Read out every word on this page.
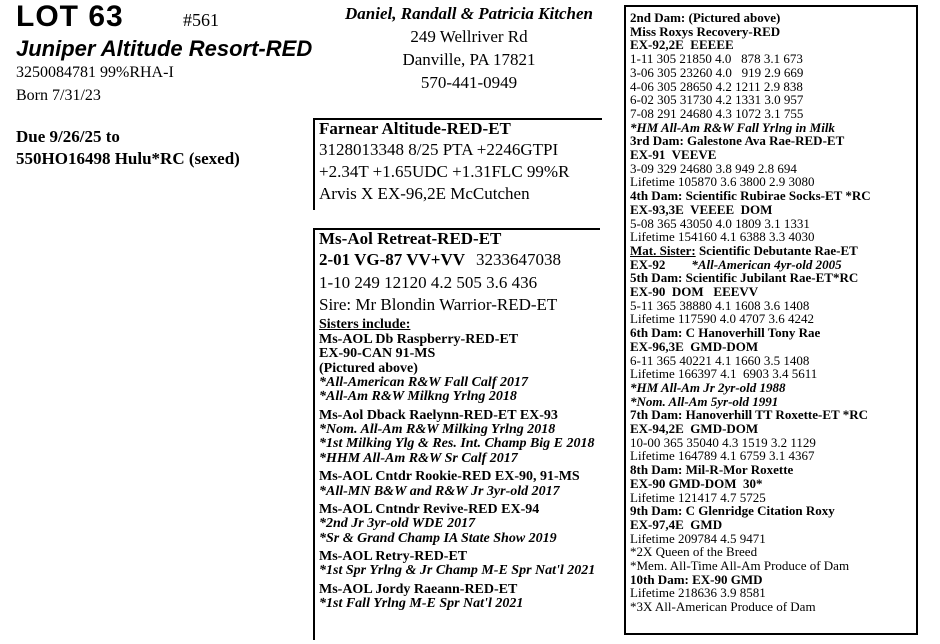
LOT 63	#561
Juniper Altitude Resort-RED
3250084781 99%RHA-I
Born 7/31/23
Due 9/26/25 to
550HO16498 Hulu*RC (sexed)
Daniel, Randall & Patricia Kitchen
249 Wellriver Rd
Danville, PA 17821
570-441-0949
Farnear Altitude-RED-ET
3128013348 8/25 PTA +2246GTPI
+2.34T +1.65UDC +1.31FLC 99%R
Arvis X EX-96,2E McCutchen
Ms-Aol Retreat-RED-ET
2-01 VG-87 VV+VV 3233647038
1-10 249 12120 4.2 505 3.6 436
Sire: Mr Blondin Warrior-RED-ET
Sisters include:
Ms-AOL Db Raspberry-RED-ET
EX-90-CAN 91-MS
(Pictured above)
*All-American R&W Fall Calf 2017
*All-Am R&W Milkng Yrlng 2018
Ms-Aol Dback Raelynn-RED-ET EX-93
*Nom. All-Am R&W Milking Yrlng 2018
*1st Milking Ylg & Res. Int. Champ Big E 2018
*HHM All-Am R&W Sr Calf 2017
Ms-AOL Cntdr Rookie-RED EX-90, 91-MS
*All-MN B&W and R&W Jr 3yr-old 2017
Ms-AOL Cntndr Revive-RED EX-94
*2nd Jr 3yr-old WDE 2017
*Sr & Grand Champ IA State Show 2019
Ms-AOL Retry-RED-ET
*1st Spr Yrlng & Jr Champ M-E Spr Nat'l 2021
Ms-AOL Jordy Raeann-RED-ET
*1st Fall Yrlng M-E Spr Nat'l 2021
2nd Dam: (Pictured above)
Miss Roxys Recovery-RED
EX-92,2E  EEEEE
1-11 305 21850 4.0   878 3.1 673
3-06 305 23260 4.0   919 2.9 669
4-06 305 28650 4.2 1211 2.9 838
6-02 305 31730 4.2 1331 3.0 957
7-08 291 24680 4.3 1072 3.1 755
*HM All-Am R&W Fall Yrlng in Milk
3rd Dam: Galestone Ava Rae-RED-ET
EX-91  VEEVE
3-09 329 24680 3.8 949 2.8 694
Lifetime 105870 3.6 3800 2.9 3080
4th Dam: Scientific Rubirae Socks-ET *RC
EX-93,3E  VEEEE  DOM
5-08 365 43050 4.0 1809 3.1 1331
Lifetime 154160 4.1 6388 3.3 4030
Mat. Sister: Scientific Debutante Rae-ET
EX-92        *All-American 4yr-old 2005
5th Dam: Scientific Jubilant Rae-ET*RC
EX-90  DOM   EEEVV
5-11 365 38880 4.1 1608 3.6 1408
Lifetime 117590 4.0 4707 3.6 4242
6th Dam: C Hanoverhill Tony Rae
EX-96,3E  GMD-DOM
6-11 365 40221 4.1 1660 3.5 1408
Lifetime 166397 4.1  6903 3.4 5611
*HM All-Am Jr 2yr-old 1988
*Nom. All-Am 5yr-old 1991
7th Dam: Hanoverhill TT Roxette-ET *RC
EX-94,2E  GMD-DOM
10-00 365 35040 4.3 1519 3.2 1129
Lifetime 164789 4.1 6759 3.1 4367
8th Dam: Mil-R-Mor Roxette
EX-90 GMD-DOM  30*
Lifetime 121417 4.7 5725
9th Dam: C Glenridge Citation Roxy
EX-97,4E  GMD
Lifetime 209784 4.5 9471
*2X Queen of the Breed
*Mem. All-Time All-Am Produce of Dam
10th Dam: EX-90 GMD
Lifetime 218636 3.9 8581
*3X All-American Produce of Dam
